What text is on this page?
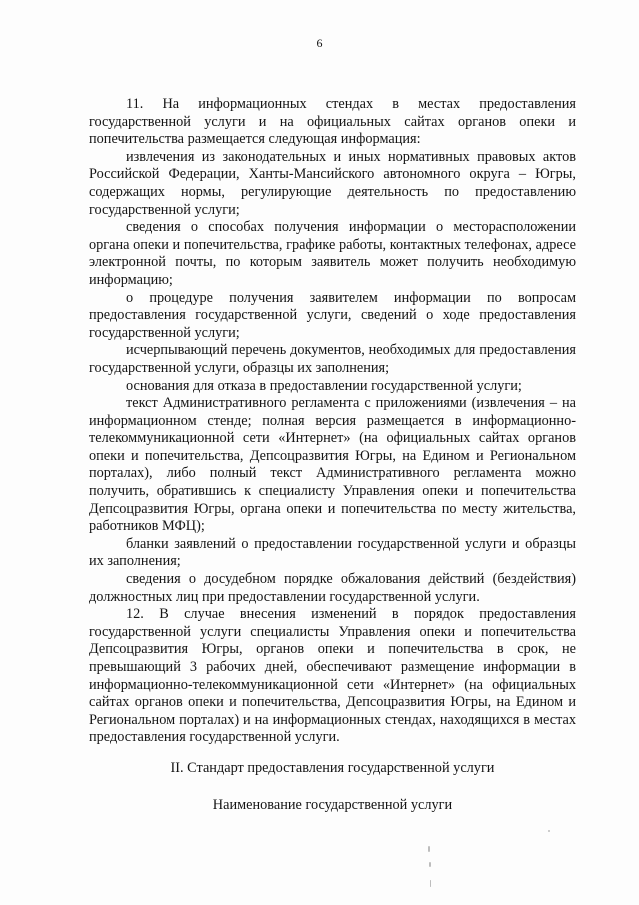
6

11. На информационных стендах в местах предоставления государственной услуги и на официальных сайтах органов опеки и попечительства размещается следующая информация:

извлечения из законодательных и иных нормативных правовых актов Российской Федерации, Ханты-Мансийского автономного округа – Югры, содержащих нормы, регулирующие деятельность по предоставлению государственной услуги;

сведения о способах получения информации о месторасположении органа опеки и попечительства, графике работы, контактных телефонах, адресе электронной почты, по которым заявитель может получить необходимую информацию;

о процедуре получения заявителем информации по вопросам предоставления государственной услуги, сведений о ходе предоставления государственной услуги;

исчерпывающий перечень документов, необходимых для предоставления государственной услуги, образцы их заполнения;

основания для отказа в предоставлении государственной услуги;

текст Административного регламента с приложениями (извлечения – на информационном стенде; полная версия размещается в информационно-телекоммуникационной сети «Интернет» (на официальных сайтах органов опеки и попечительства, Депсоцразвития Югры, на Едином и Региональном порталах), либо полный текст Административного регламента можно получить, обратившись к специалисту Управления опеки и попечительства Депсоцразвития Югры, органа опеки и попечительства по месту жительства, работников МФЦ);

бланки заявлений о предоставлении государственной услуги и образцы их заполнения;

сведения о досудебном порядке обжалования действий (бездействия) должностных лиц при предоставлении государственной услуги.

12. В случае внесения изменений в порядок предоставления государственной услуги специалисты Управления опеки и попечительства Депсоцразвития Югры, органов опеки и попечительства в срок, не превышающий 3 рабочих дней, обеспечивают размещение информации в информационно-телекоммуникационной сети «Интернет» (на официальных сайтах органов опеки и попечительства, Депсоцразвития Югры, на Едином и Региональном порталах) и на информационных стендах, находящихся в местах предоставления государственной услуги.

II. Стандарт предоставления государственной услуги
Наименование государственной услуги
